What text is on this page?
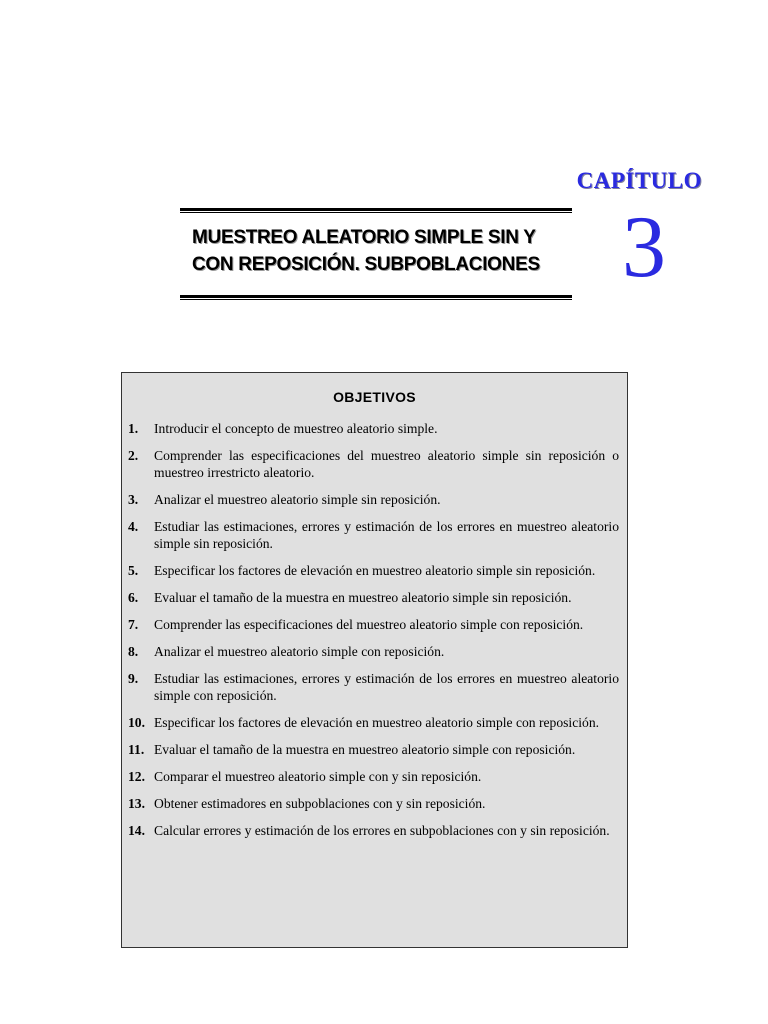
CAPÍTULO
3
MUESTREO ALEATORIO SIMPLE SIN Y
CON REPOSICIÓN. SUBPOBLACIONES
OBJETIVOS
1.	Introducir el concepto de muestreo aleatorio simple.
2.	Comprender las especificaciones del muestreo aleatorio simple sin reposición o muestreo irrestricto aleatorio.
3.	Analizar el muestreo aleatorio simple sin reposición.
4.	Estudiar las estimaciones, errores y estimación de los errores en muestreo aleatorio simple sin reposición.
5.	Especificar los factores de elevación en muestreo aleatorio simple sin reposición.
6.	Evaluar el tamaño de la muestra en muestreo aleatorio simple sin reposición.
7.	Comprender las especificaciones del muestreo aleatorio simple con reposición.
8.	Analizar el muestreo aleatorio simple con reposición.
9.	Estudiar las estimaciones, errores y estimación de los errores en muestreo aleatorio simple con reposición.
10. Especificar los factores de elevación en muestreo aleatorio simple con reposición.
11. Evaluar el tamaño de la muestra en muestreo aleatorio simple con reposición.
12. Comparar el muestreo aleatorio simple con y sin reposición.
13. Obtener estimadores en subpoblaciones con y sin reposición.
14. Calcular errores y estimación de los errores en subpoblaciones con y sin reposición.
